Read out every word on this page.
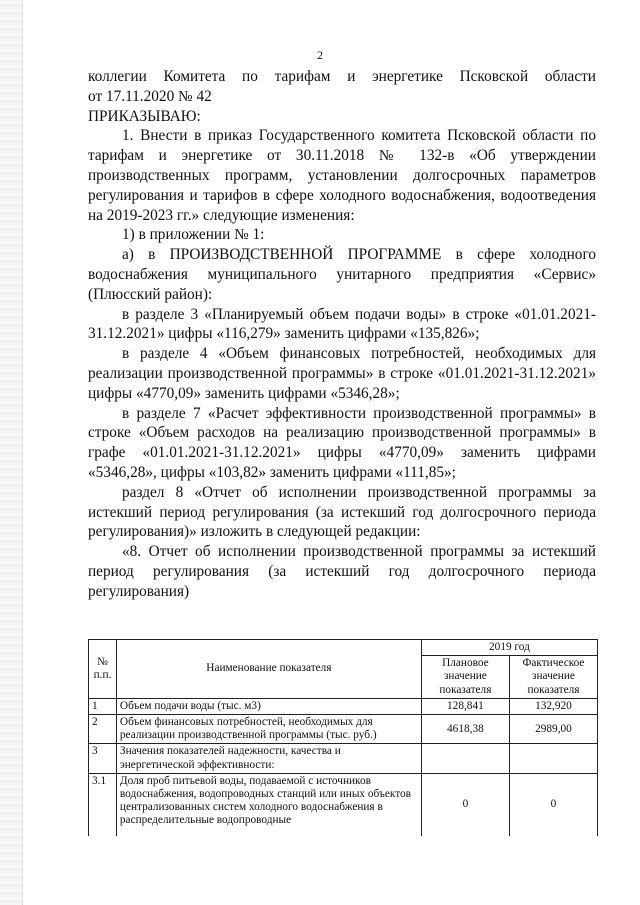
2

коллегии Комитета по тарифам и энергетике Псковской области

от 17.11.2020 № 42

ПРИКАЗЫВАЮ:

1. Внести в приказ Государственного комитета Псковской области по тарифам и энергетике от 30.11.2018 № 132-в «Об утверждении производственных программ, установлении долгосрочных параметров регулирования и тарифов в сфере холодного водоснабжения, водоотведения на 2019-2023 гг.» следующие изменения:

1) в приложении № 1:

а) в ПРОИЗВОДСТВЕННОЙ ПРОГРАММЕ в сфере холодного водоснабжения муниципального унитарного предприятия «Сервис» (Плюсский район):

в разделе 3 «Планируемый объем подачи воды» в строке «01.01.2021-31.12.2021» цифры «116,279» заменить цифрами «135,826»;

в разделе 4 «Объем финансовых потребностей, необходимых для реализации производственной программы» в строке «01.01.2021-31.12.2021» цифры «4770,09» заменить цифрами «5346,28»;

в разделе 7 «Расчет эффективности производственной программы» в строке «Объем расходов на реализацию производственной программы» в графе «01.01.2021-31.12.2021» цифры «4770,09» заменить цифрами «5346,28», цифры «103,82» заменить цифрами «111,85»;

раздел 8 «Отчет об исполнении производственной программы за истекший период регулирования (за истекший год долгосрочного периода регулирования)» изложить в следующей редакции:

«8. Отчет об исполнении производственной программы за истекший период регулирования (за истекший год долгосрочного периода регулирования)

№ п.п.	Наименование показателя	2019 год	
		Плановое значение показателя	Фактическое значение показателя
1	Объем подачи воды (тыс. м3)	128,841	132,920
2	Объем финансовых потребностей, необходимых для реализации производственной программы (тыс. руб.)	4618,38	2989,00
3	Значения показателей надежности, качества и энергетической эффективности:		
3.1	Доля проб питьевой воды, подаваемой с источников водоснабжения, водопроводных станций или иных объектов централизованных систем холодного водоснабжения в распределительные водопроводные	0	0
